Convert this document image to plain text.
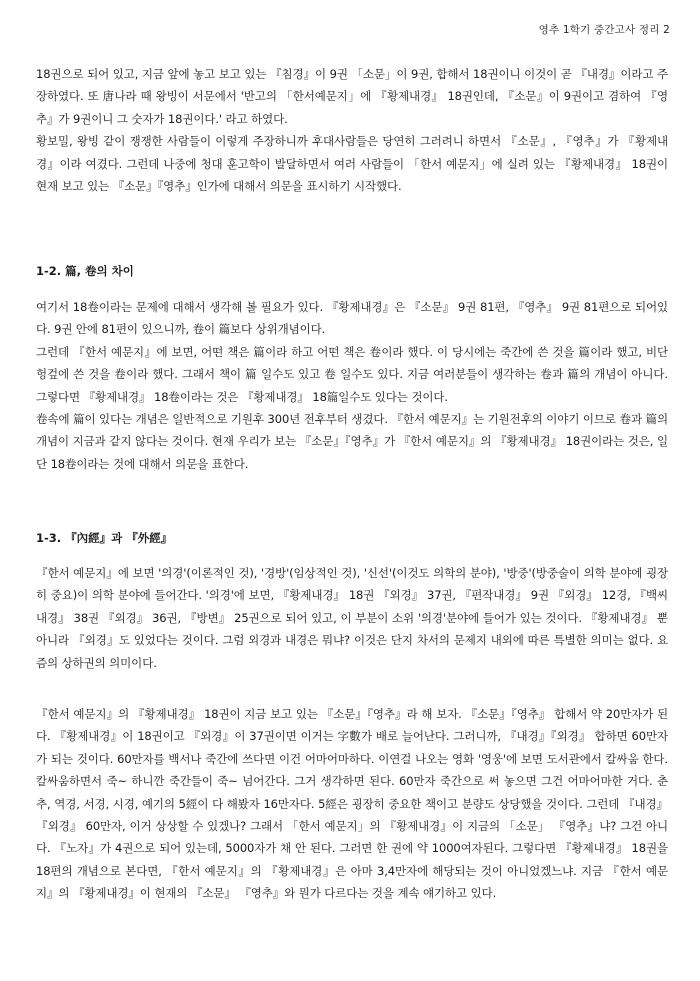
영추 1학기 중간고사 정리 2

18권으로 되어 있고, 지금 앞에 놓고 보고 있는 『침경』이 9권 「소문」이 9권, 합해서 18권이니 이것이 곧 『내경』이라고 주장하였다. 또 唐나라 때 왕빙이 서문에서 '반고의 「한서예문지」에 『황제내경』 18권인데, 『소문』이 9권이고 겸하여 『영추』가 9권이니 그 숫자가 18권이다.' 라고 하였다.

황보밀, 왕빙 같이 쟁쟁한 사람들이 이렇게 주장하니까 후대사람들은 당연히 그러려니 하면서 『소문』, 『영추』가 『황제내경』이라 여겼다. 그런데 나중에 청대 훈고학이 발달하면서 여러 사람들이 「한서 예문지」에 실려 있는 『황제내경』 18권이 현재 보고 있는 『소문』『영추』인가에 대해서 의문을 표시하기 시작했다.

1-2. 篇, 卷의 차이

여기서 18卷이라는 문제에 대해서 생각해 볼 필요가 있다. 『황제내경』은 『소문』 9권 81편, 『영추』 9권 81편으로 되어있다. 9권 안에 81편이 있으니까, 卷이 篇보다 상위개념이다.

그런데 『한서 예문지』에 보면, 어떤 책은 篇이라 하고 어떤 책은 卷이라 했다. 이 당시에는 죽간에 쓴 것을 篇이라 했고, 비단 헝겊에 쓴 것을 卷이라 했다. 그래서 책이 篇 일수도 있고 卷 일수도 있다. 지금 여러분들이 생각하는 卷과 篇의 개념이 아니다. 그렇다면 『황제내경』 18卷이라는 것은 『황제내경』 18篇일수도 있다는 것이다.

卷속에 篇이 있다는 개념은 일반적으로 기원후 300년 전후부터 생겼다. 『한서 예문지』는 기원전후의 이야기 이므로 卷과 篇의 개념이 지금과 같지 않다는 것이다. 현재 우리가 보는 『소문』『영추』가 『한서 예문지』의 『황제내경』 18권이라는 것은, 일단 18卷이라는 것에 대해서 의문을 표한다.

1-3. 『內經』과 『外經』

『한서 예문지』에 보면 '의경'(이론적인 것), '경방'(임상적인 것), '신선'(이것도 의학의 분야), '방중'(방중술이 의학 분야에 굉장히 중요)이 의학 분야에 들어간다. '의경'에 보면, 『황제내경』 18권 『외경』 37권, 『편작내경』 9권 『외경』 12경, 『백씨내경』 38권 『외경』 36권, 『방변』 25권으로 되어 있고, 이 부분이 소위 '의경'분야에 들어가 있는 것이다. 『황제내경』 뿐 아니라 『외경』도 있었다는 것이다. 그럼 외경과 내경은 뭐냐? 이것은 단지 차서의 문제지 내외에 따른 특별한 의미는 없다. 요즘의 상하권의 의미이다.

『한서 예문지』의 『황제내경』 18권이 지금 보고 있는 『소문』『영추』라 해 보자. 『소문』『영추』 합해서 약 20만자가 된다. 『황제내경』이 18권이고 『외경』이 37권이면 이거는 字數가 배로 늘어난다. 그러니까, 『내경』『외경』 합하면 60만자가 되는 것이다. 60만자를 백서나 죽간에 쓰다면 이건 어마어마하다. 이연걸 나오는 영화 '영웅'에 보면 도서관에서 칼싸움 한다. 칼싸움하면서 죽~ 하니깐 죽간들이 죽~ 넘어간다. 그거 생각하면 된다. 60만자 죽간으로 써 놓으면 그건 어마어마한 거다. 춘추, 역경, 서경, 시경, 예기의 5經이 다 해봤자 16만자다. 5經은 굉장히 중요한 책이고 분량도 상당했을 것이다. 그런데 『내경』 『외경』 60만자, 이거 상상할 수 있겠나? 그래서 「한서 예문지」의 『황제내경』이 지금의 「소문」 『영추』냐? 그건 아니다. 『노자』가 4권으로 되어 있는데, 5000자가 채 안 된다. 그러면 한 권에 약 1000여자된다. 그렇다면 『황제내경』 18권을 18편의 개념으로 본다면, 『한서 예문지』의 『황제내경』은 아마 3,4만자에 해당되는 것이 아니었겠느냐. 지금 『한서 예문지』의 『황제내경』이 현재의 『소문』 『영추』와 뭔가 다르다는 것을 계속 얘기하고 있다.
